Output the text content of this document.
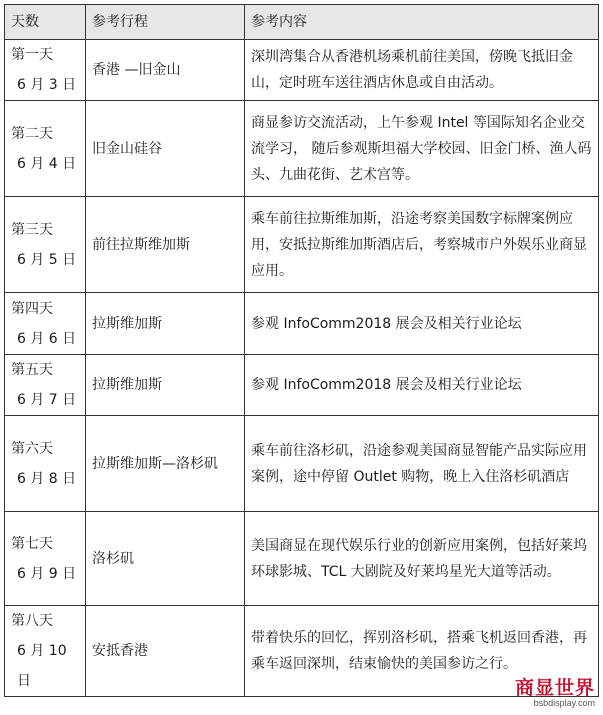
天数	参考行程	参考内容

第一天
6 月 3 日	香港 —旧金山	深圳湾集合从香港机场乘机前往美国，傍晚飞抵旧金山，定时班车送往酒店休息或自由活动。

第二天
6 月 4 日	旧金山硅谷	商显参访交流活动，上午参观 Intel 等国际知名企业交流学习， 随后参观斯坦福大学校园、旧金门桥、渔人码头、九曲花街、艺术宫等。

第三天
6 月 5 日	前往拉斯维加斯	乘车前往拉斯维加斯，沿途考察美国数字标牌案例应用，安抵拉斯维加斯酒店后，考察城市户外娱乐业商显应用。

第四天
6 月 6 日	拉斯维加斯	参观 InfoComm2018 展会及相关行业论坛

第五天
6 月 7 日	拉斯维加斯	参观 InfoComm2018 展会及相关行业论坛

第六天
6 月 8 日	拉斯维加斯—洛杉矶	乘车前往洛杉矶，沿途参观美国商显智能产品实际应用案例，途中停留 Outlet 购物，晚上入住洛杉矶酒店

第七天
6 月 9 日	洛杉矶	美国商显在现代娱乐行业的创新应用案例，包括好莱坞环球影城、TCL 大剧院及好莱坞星光大道等活动。

第八天
6 月 10 日	安抵香港	带着快乐的回忆，挥别洛杉矶，搭乘飞机返回香港，再乘车返回深圳，结束愉快的美国参访之行。
商显世界
bsbdisplay.com
